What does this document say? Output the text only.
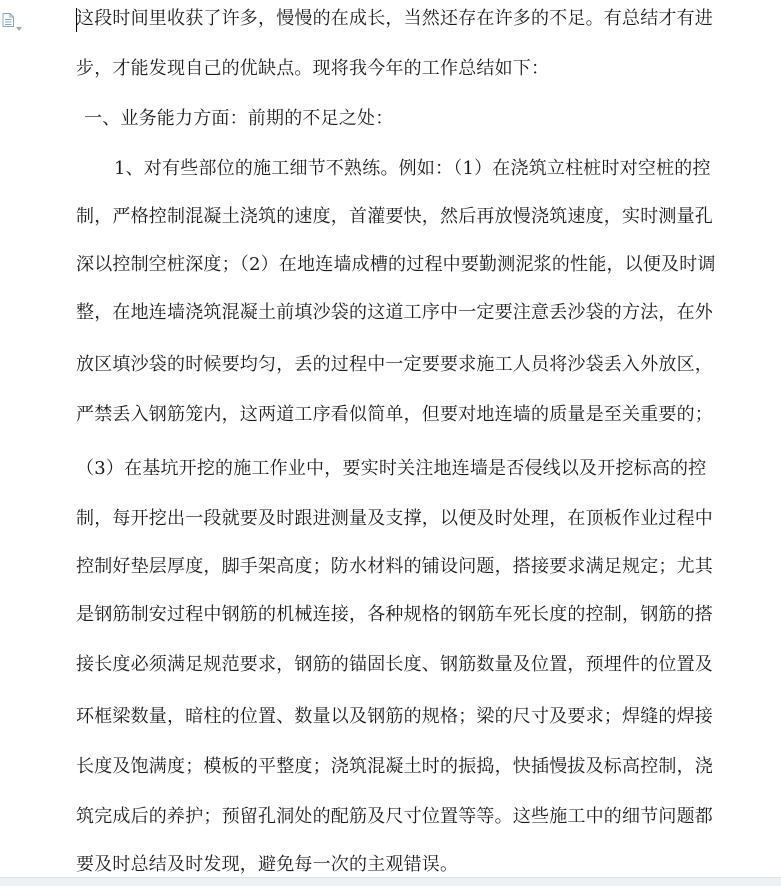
这段时间里收获了许多，慢慢的在成长，当然还存在许多的不足。有总结才有进
步，才能发现自己的优缺点。现将我今年的工作总结如下：
一、业务能力方面：前期的不足之处：
1、对有些部位的施工细节不熟练。例如：（1）在浇筑立柱桩时对空桩的控
制，严格控制混凝土浇筑的速度，首灌要快，然后再放慢浇筑速度，实时测量孔
深以控制空桩深度；（2）在地连墙成槽的过程中要勤测泥浆的性能，以便及时调
整，在地连墙浇筑混凝土前填沙袋的这道工序中一定要注意丢沙袋的方法，在外
放区填沙袋的时候要均匀，丢的过程中一定要要求施工人员将沙袋丢入外放区，
严禁丢入钢筋笼内，这两道工序看似简单，但要对地连墙的质量是至关重要的；
（3）在基坑开挖的施工作业中，要实时关注地连墙是否侵线以及开挖标高的控
制，每开挖出一段就要及时跟进测量及支撑，以便及时处理，在顶板作业过程中
控制好垫层厚度，脚手架高度；防水材料的铺设问题，搭接要求满足规定；尤其
是钢筋制安过程中钢筋的机械连接，各种规格的钢筋车死长度的控制，钢筋的搭
接长度必须满足规范要求，钢筋的锚固长度、钢筋数量及位置，预埋件的位置及
环框梁数量，暗柱的位置、数量以及钢筋的规格；梁的尺寸及要求；焊缝的焊接
长度及饱满度；模板的平整度；浇筑混凝土时的振捣，快插慢拔及标高控制，浇
筑完成后的养护；预留孔洞处的配筋及尺寸位置等等。这些施工中的细节问题都
要及时总结及时发现，避免每一次的主观错误。
